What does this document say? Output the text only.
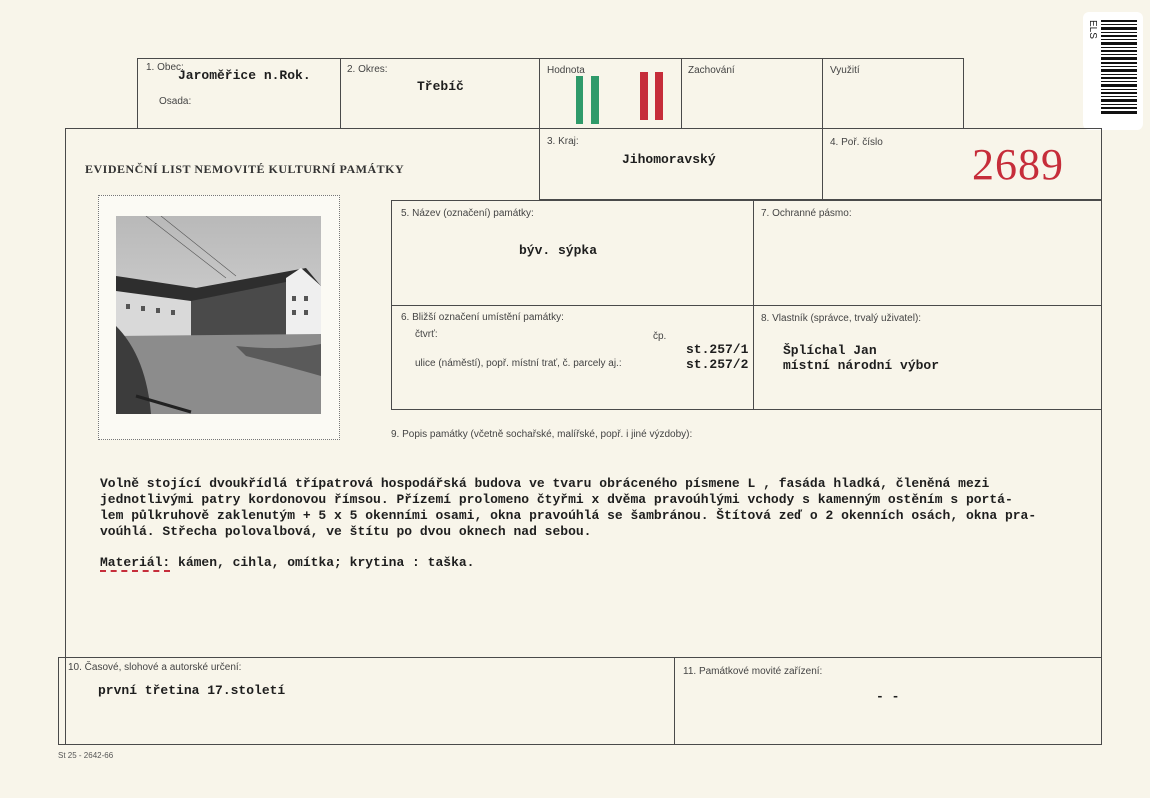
ELS
1. Obec:
Jaroměřice n.Rok.
Osada:
2. Okres:
Třebíč
Hodnota	Zachování	Využití
EVIDENČNÍ LIST NEMOVITÉ KULTURNÍ PAMÁTKY
3. Kraj:
Jihomoravský
4. Poř. číslo 2689
5. Název (označení) památky:
býv. sýpka
7. Ochranné pásmo:
6. Bližší označení umístění památky:
čtvrť:	čp.
ulice (náměstí), popř. místní trať, č. parcely aj.:
st.257/1
st.257/2
8. Vlastník (správce, trvalý uživatel):
Šplíchal Jan
místní národní výbor
9. Popis památky (včetně sochařské, malířské, popř. i jiné výzdoby):

Volně stojící dvoukřídlá třípatrová hospodářská budova ve tvaru obráceného písmene L , fasáda hladká, členěná mezi

jednotlivými patry kordonovou římsou. Přízemí prolomeno čtyřmi x dvěma pravoúhlými vchody s kamenným ostěním s portá-

lem půlkruhově zaklenutým + 5 x 5 okenními osami, okna pravoúhlá se šambránou. Štítová zeď o 2 okenních osách, okna pra-

voúhlá. Střecha polovalbová, ve štítu po dvou oknech nad sebou.

Materiál: kámen, cihla, omítka; krytina : taška.
10. Časové, slohové a autorské určení:
první třetina 17.století
11. Památkové movité zařízení:
- -
St 25 - 2642-66
